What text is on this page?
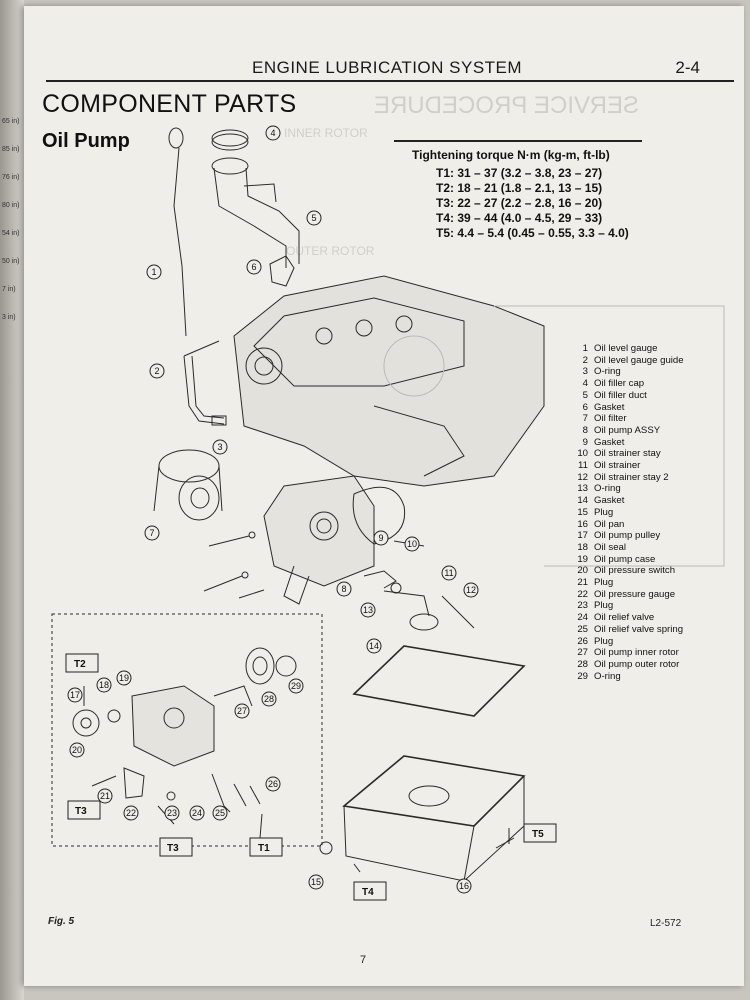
65 in)
85 in)
76 in)
80 in)
54 in)
50 in)
7 in)
3 in)
SERVICE PROCEDURE
INNER ROTOR
OUTER ROTOR
ENGINE LUBRICATION SYSTEM	2-4
COMPONENT PARTS
Oil Pump
Tightening torque N·m (kg-m, ft-lb)
T1: 31 – 37 (3.2 – 3.8, 23 – 27)
T2: 18 – 21 (1.8 – 2.1, 13 – 15)
T3: 22 – 27 (2.2 – 2.8, 16 – 20)
T4: 39 – 44 (4.0 – 4.5, 29 – 33)
T5: 4.4 – 5.4 (0.45 – 0.55, 3.3 – 4.0)
1 Oil level gauge
2 Oil level gauge guide
3 O-ring
4 Oil filler cap
5 Oil filler duct
6 Gasket
7 Oil filter
8 Oil pump ASSY
9 Gasket
10 Oil strainer stay
11 Oil strainer
12 Oil strainer stay 2
13 O-ring
14 Gasket
15 Plug
16 Oil pan
17 Oil pump pulley
18 Oil seal
19 Oil pump case
20 Oil pressure switch
21 Plug
22 Oil pressure gauge
23 Plug
24 Oil relief valve
25 Oil relief valve spring
26 Plug
27 Oil pump inner rotor
28 Oil pump outer rotor
29 O-ring
T2
T3
T3	T1
T5
T4
1
2
3
4
5
6
7
8
9
10
11
12
13
14
15	16
17
18
19
20
21
22	23 24 25
26
27
28
29
Fig. 5	L2-572
7
